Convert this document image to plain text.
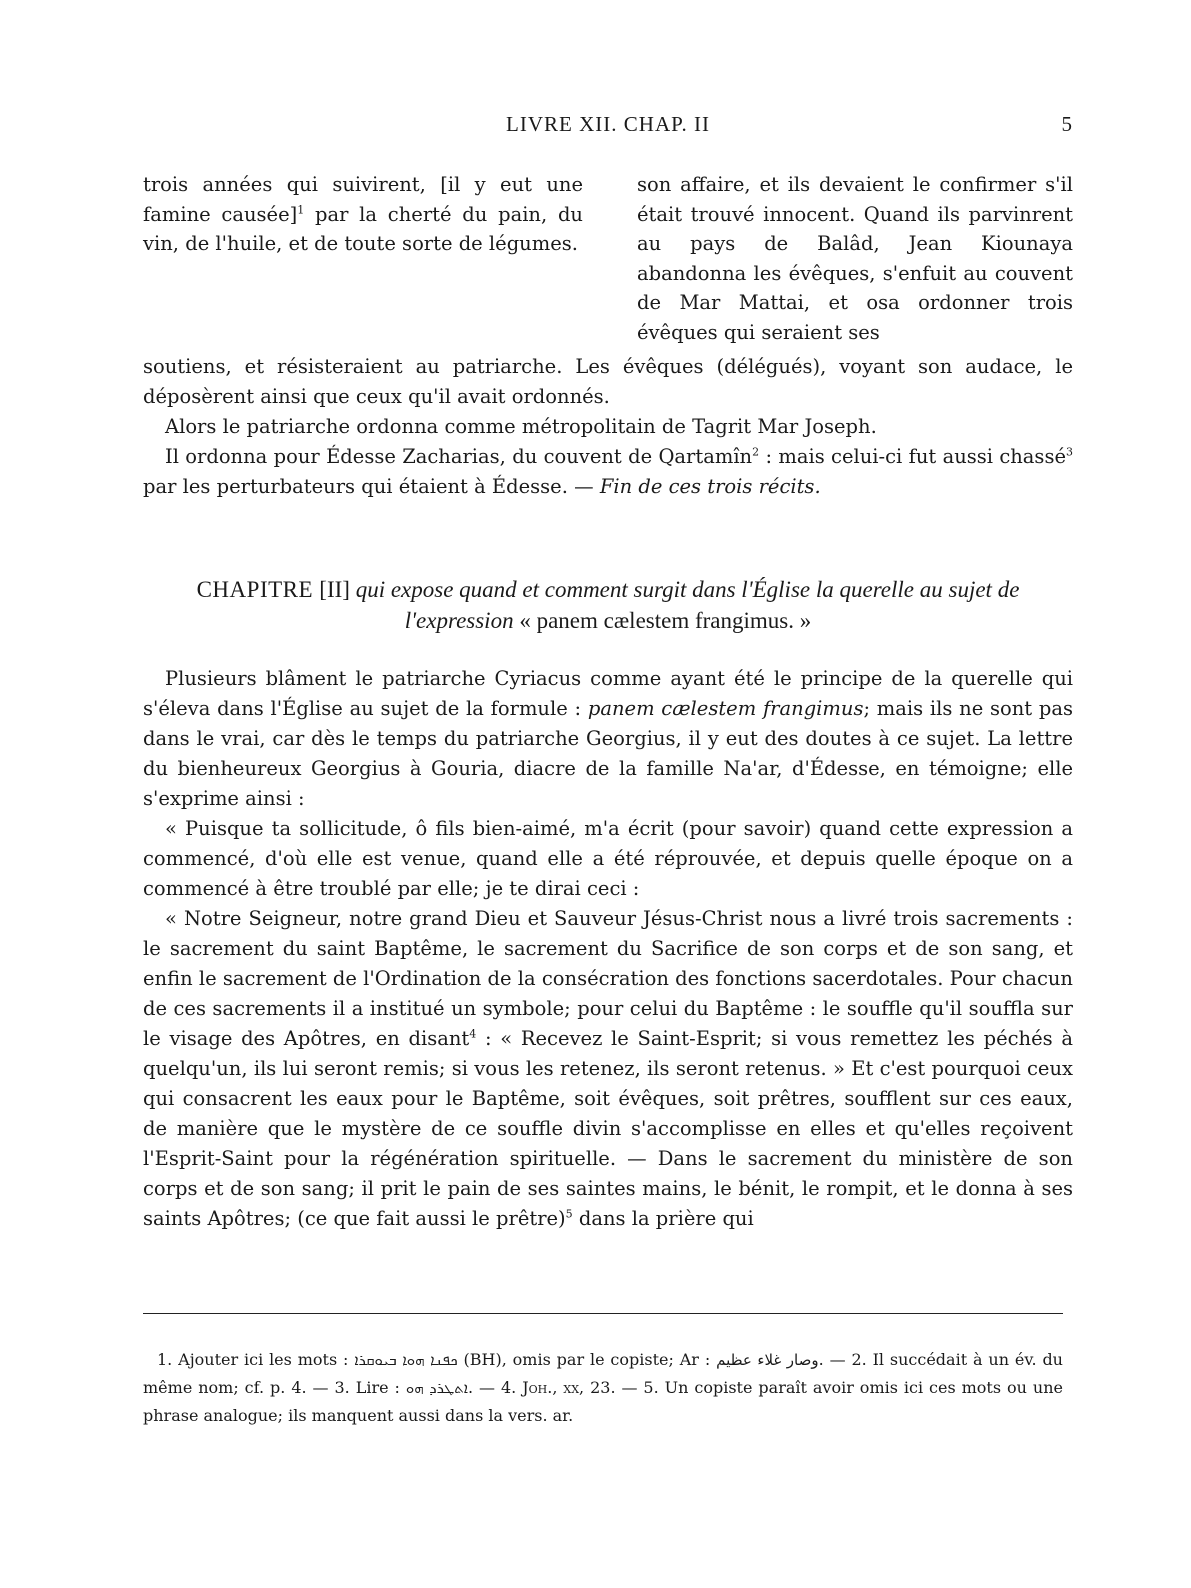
LIVRE XII. CHAP. II	5
trois années qui suivirent, [il y eut une famine causée]$^1$ par la cherté du pain, du vin, de l'huile, et de toute sorte de légumes.
son affaire, et ils devaient le confirmer s'il était trouvé innocent. Quand ils parvinrent au pays de Balâd, Jean Kiounaya abandonna les évêques, s'enfuit au couvent de Mar Mattai, et osa ordonner trois évêques qui seraient ses

soutiens, et résisteraient au patriarche. Les évêques (délégués), voyant son audace, le déposèrent ainsi que ceux qu'il avait ordonnés.

Alors le patriarche ordonna comme métropolitain de Tagrit Mar Joseph.

Il ordonna pour Édesse Zacharias, du couvent de Qartamîn$^2$ : mais celui-ci fut aussi chassé$^3$ par les perturbateurs qui étaient à Édesse. — Fin de ces trois récits.

CHAPITRE [II] qui expose quand et comment surgit dans l'Église la querelle au sujet de l'expression « panem cælestem frangimus. »

Plusieurs blâment le patriarche Cyriacus comme ayant été le principe de la querelle qui s'éleva dans l'Église au sujet de la formule : panem cælestem frangimus; mais ils ne sont pas dans le vrai, car dès le temps du patriarche Georgius, il y eut des doutes à ce sujet. La lettre du bienheureux Georgius à Gouria, diacre de la famille Na'ar, d'Édesse, en témoigne; elle s'exprime ainsi :

« Puisque ta sollicitude, ô fils bien-aimé, m'a écrit (pour savoir) quand cette expression a commencé, d'où elle est venue, quand elle a été réprouvée, et depuis quelle époque on a commencé à être troublé par elle; je te dirai ceci :

« Notre Seigneur, notre grand Dieu et Sauveur Jésus-Christ nous a livré trois sacrements : le sacrement du saint Baptême, le sacrement du Sacrifice de son corps et de son sang, et enfin le sacrement de l'Ordination de la consécration des fonctions sacerdotales. Pour chacun de ces sacrements il a institué un symbole; pour celui du Baptême : le souffle qu'il souffla sur le visage des Apôtres, en disant$^4$ : « Recevez le Saint-Esprit; si vous remettez les péchés à quelqu'un, ils lui seront remis; si vous les retenez, ils seront retenus. » Et c'est pourquoi ceux qui consacrent les eaux pour le Baptême, soit évêques, soit prêtres, soufflent sur ces eaux, de manière que le mystère de ce souffle divin s'accomplisse en elles et qu'elles reçoivent l'Esprit-Saint pour la régénération spirituelle. — Dans le sacrement du ministère de son corps et de son sang; il prit le pain de ses saintes mains, le bénit, le rompit, et le donna à ses saints Apôtres; (ce que fait aussi le prêtre)$^5$ dans la prière qui

1. Ajouter ici les mots : ܟܦܢܐ ܗܘܐ ܒܝܘܩܪܐ (BH), omis par le copiste; Ar : وصار غلاء عظيم. — 2. Il succédait à un év. du même nom; cf. p. 4. — 3. Lire : ܐܬܛܪܕ ܗܘ. — 4. Joh., xx, 23. — 5. Un copiste paraît avoir omis ici ces mots ou une phrase analogue; ils manquent aussi dans la vers. ar.
